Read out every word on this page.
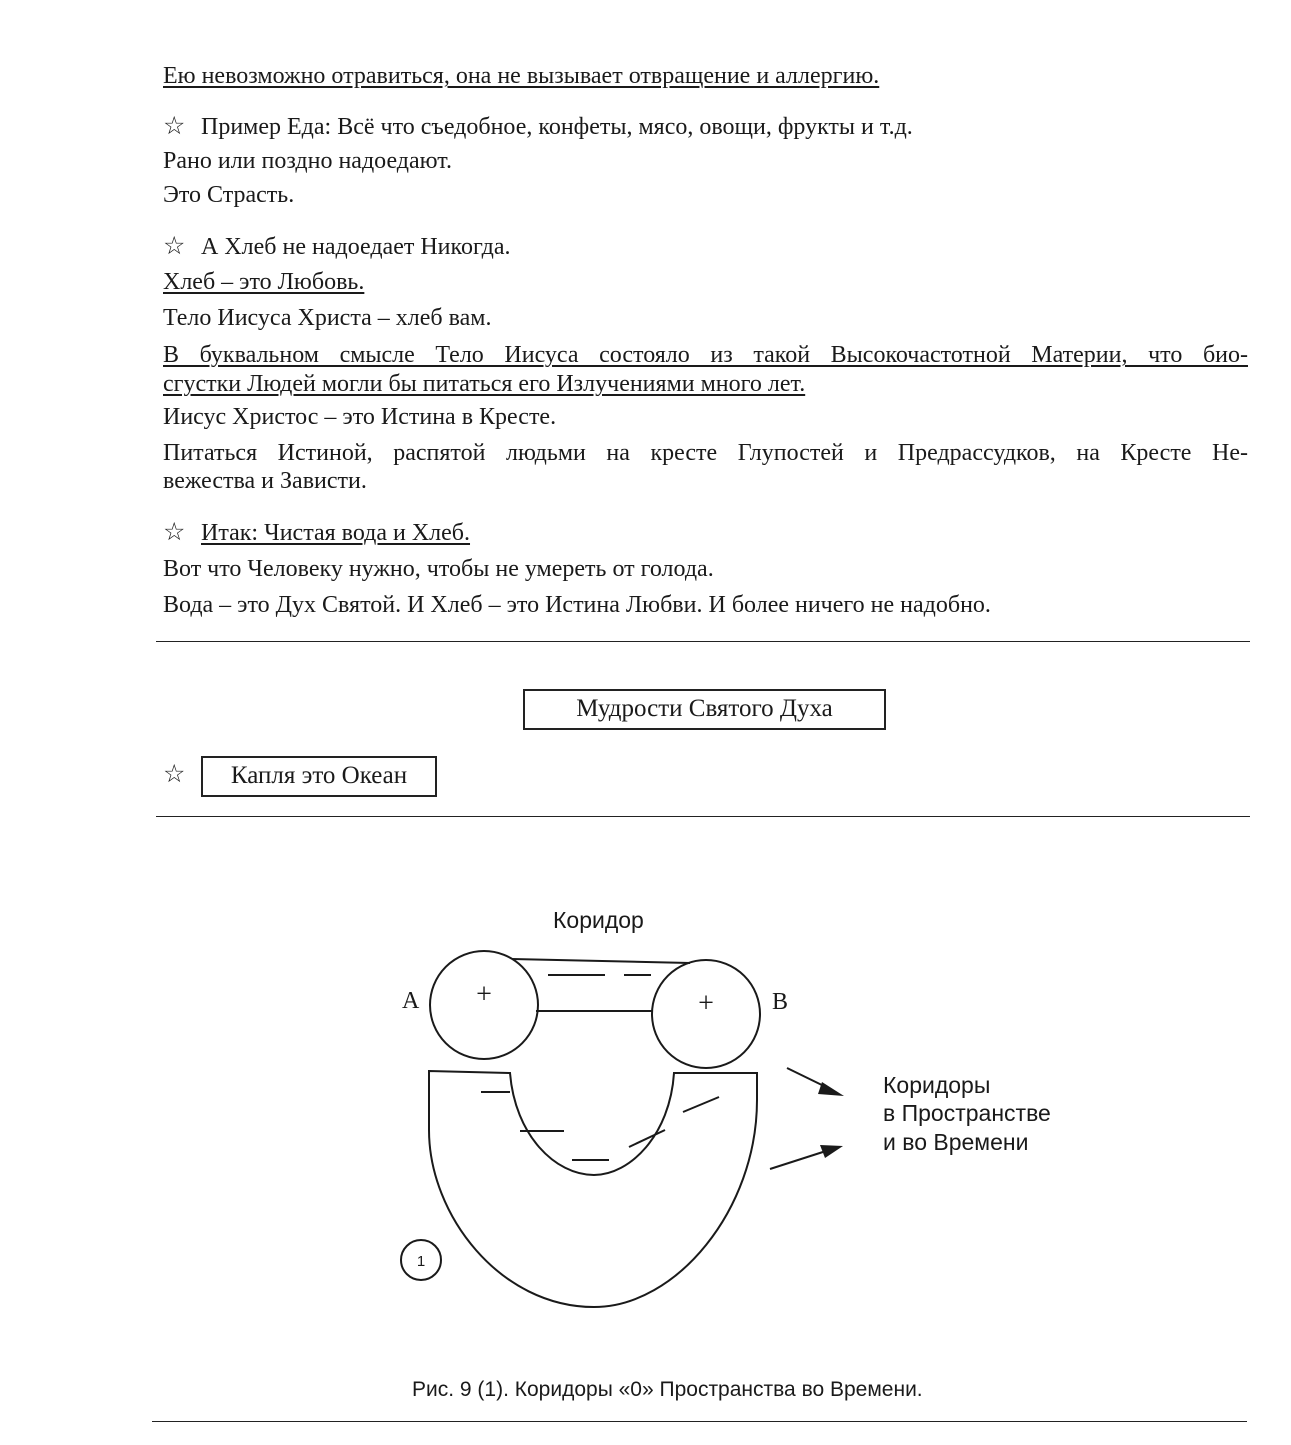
Ею невозможно отравиться, она не вызывает отвращение и аллергию.
☆ Пример Еда: Всё что съедобное, конфеты, мясо, овощи, фрукты и т.д.
Рано или поздно надоедают.
Это Страсть.
☆ А Хлеб не надоедает Никогда.
Хлеб – это Любовь.
Тело Иисуса Христа – хлеб вам.
В буквальном смысле Тело Иисуса состояло из такой Высокочастотной Материи, что био-
сгустки Людей могли бы питаться его Излучениями много лет.
Иисус Христос – это Истина в Кресте.
Питаться Истиной, распятой людьми на кресте Глупостей и Предрассудков, на Кресте Не-
вежества и Зависти.
☆ Итак: Чистая вода и Хлеб.
Вот что Человеку нужно, чтобы не умереть от голода.
Вода – это Дух Святой. И Хлеб – это Истина Любви. И более ничего не надобно.
Мудрости Святого Духа
☆	Капля это Океан
Коридор
Коридоры
в Пространстве
и во Времени
1
А	В
+	+
Рис. 9 (1). Коридоры «0» Пространства во Времени.
